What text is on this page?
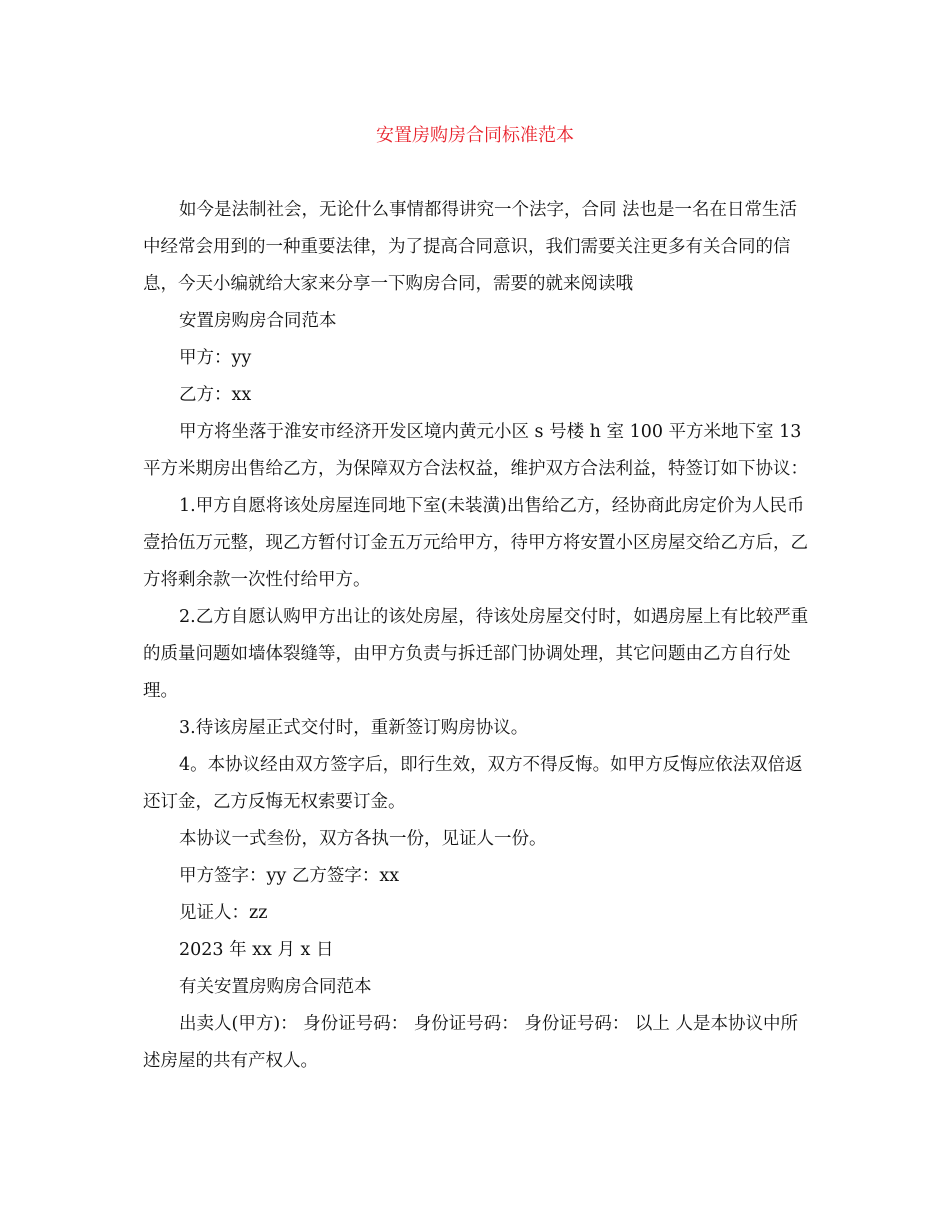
安置房购房合同标准范本

如今是法制社会，无论什么事情都得讲究一个法字，合同 法也是一名在日常生活中经常会用到的一种重要法律，为了提高合同意识，我们需要关注更多有关合同的信息，今天小编就给大家来分享一下购房合同，需要的就来阅读哦

安置房购房合同范本

甲方：yy

乙方：xx

甲方将坐落于淮安市经济开发区境内黄元小区 s 号楼 h 室 100 平方米地下室 13 平方米期房出售给乙方，为保障双方合法权益，维护双方合法利益，特签订如下协议：

1.甲方自愿将该处房屋连同地下室(未装潢)出售给乙方，经协商此房定价为人民币壹拾伍万元整，现乙方暂付订金五万元给甲方，待甲方将安置小区房屋交给乙方后，乙方将剩余款一次性付给甲方。

2.乙方自愿认购甲方出让的该处房屋，待该处房屋交付时，如遇房屋上有比较严重的质量问题如墙体裂缝等，由甲方负责与拆迁部门协调处理，其它问题由乙方自行处理。

3.待该房屋正式交付时，重新签订购房协议。

4。本协议经由双方签字后，即行生效，双方不得反悔。如甲方反悔应依法双倍返还订金，乙方反悔无权索要订金。

本协议一式叁份，双方各执一份，见证人一份。

甲方签字：yy 乙方签字：xx

见证人：zz

2023 年 xx 月 x 日

有关安置房购房合同范本

出卖人(甲方)： 身份证号码： 身份证号码： 身份证号码： 以上 人是本协议中所述房屋的共有产权人。
